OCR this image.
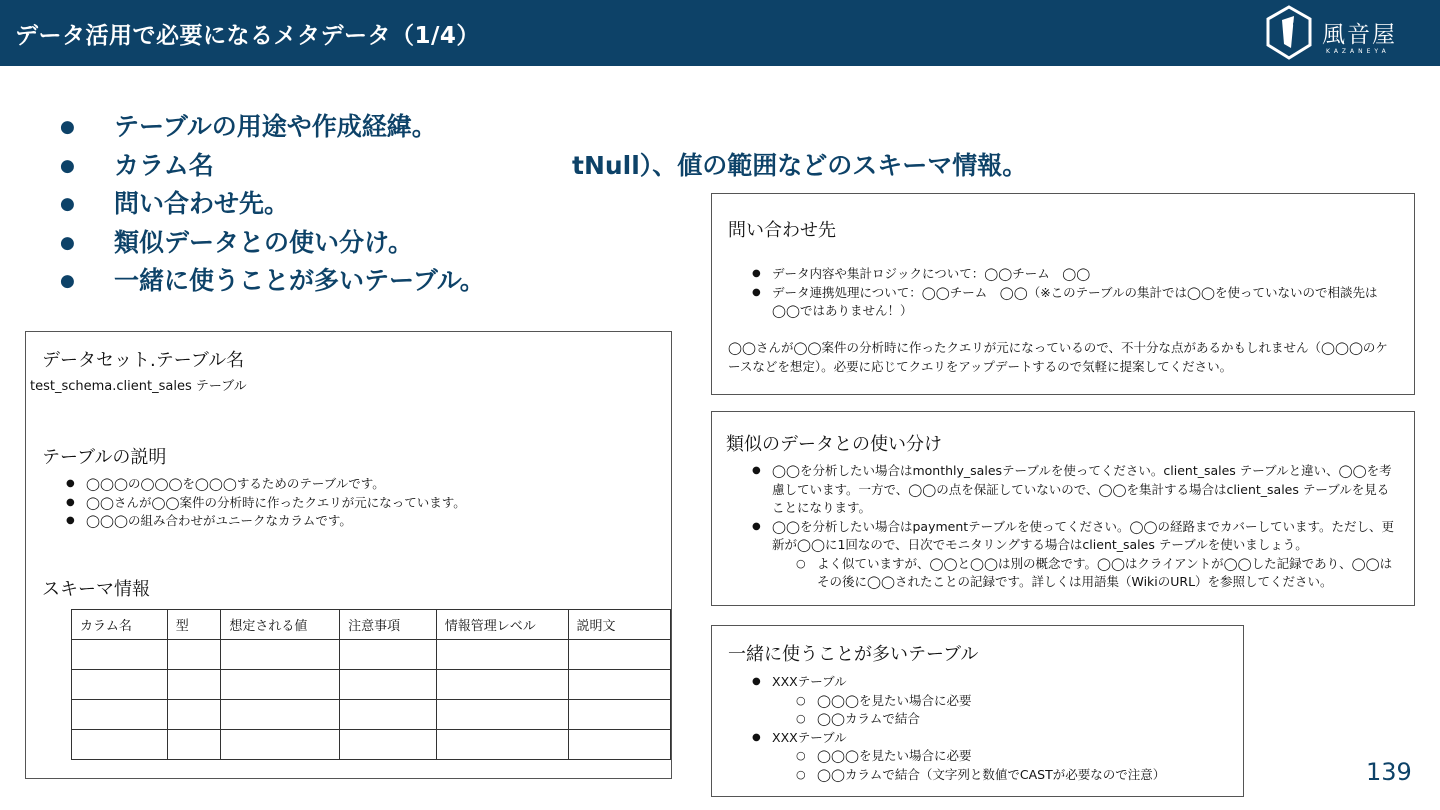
データ活用で必要になるメタデータ（1/4）	風音屋
KAZANEYA
テーブルの用途や作成経緯。
カラム名	tNull）、値の範囲などのスキーマ情報。
問い合わせ先。
類似データとの使い分け。
一緒に使うことが多いテーブル。
データセット.テーブル名

test_schema.client_sales テーブル

テーブルの説明
● ◯◯◯の◯◯◯を◯◯◯するためのテーブルです。
● ◯◯さんが◯◯案件の分析時に作ったクエリが元になっています。
● ◯◯◯の組み合わせがユニークなカラムです。
スキーマ情報
カラム名	型	想定される値	注意事項	情報管理レベル	説明文

問い合わせ先
● データ内容や集計ロジックについて：◯◯チーム　◯◯
● データ連携処理について：◯◯チーム　◯◯（※このテーブルの集計では◯◯を使っていないので相談先は◯◯ではありません！）

◯◯さんが◯◯案件の分析時に作ったクエリが元になっているので、不十分な点があるかもしれません（◯◯◯のケースなどを想定）。必要に応じてクエリをアップデートするので気軽に提案してください。

類似のデータとの使い分け
● ◯◯を分析したい場合はmonthly_salesテーブルを使ってください。client_sales テーブルと違い、◯◯を考慮しています。一方で、◯◯の点を保証していないので、◯◯を集計する場合はclient_sales テーブルを見ることになります。
● ◯◯を分析したい場合はpaymentテーブルを使ってください。◯◯の経路までカバーしています。ただし、更新が◯◯に1回なので、日次でモニタリングする場合はclient_sales テーブルを使いましょう。
○ よく似ていますが、◯◯と◯◯は別の概念です。◯◯はクライアントが◯◯した記録であり、◯◯はその後に◯◯されたことの記録です。詳しくは用語集（WikiのURL）を参照してください。
一緒に使うことが多いテーブル
● XXXテーブル
○ ◯◯◯を見たい場合に必要
○ ◯◯カラムで結合
● XXXテーブル
○ ◯◯◯を見たい場合に必要
○ ◯◯カラムで結合（文字列と数値でCASTが必要なので注意）	139
